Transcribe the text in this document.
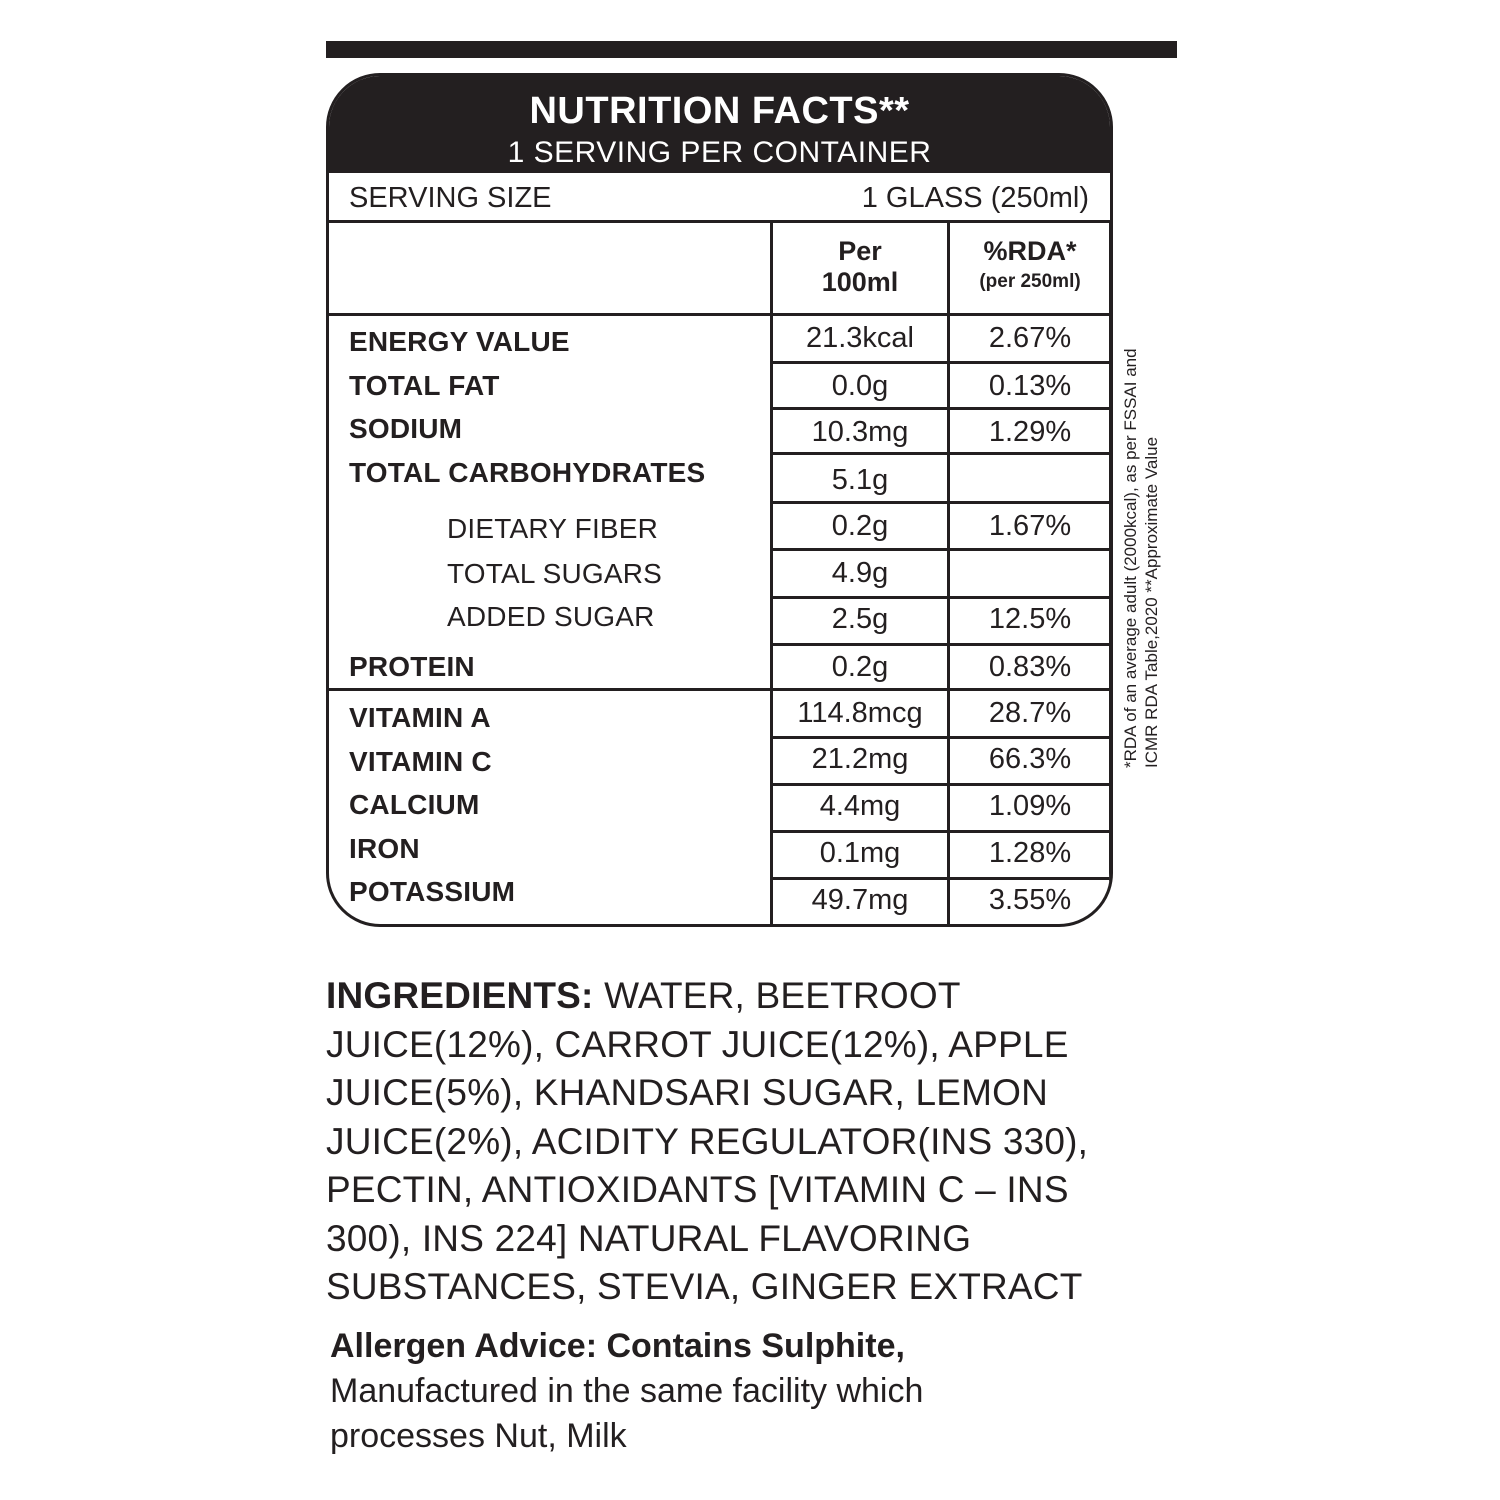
NUTRITION FACTS**
1 SERVING PER CONTAINER
SERVING SIZE	1 GLASS (250ml)
Per
100ml
%RDA*
(per 250ml)
ENERGY VALUE
TOTAL FAT
SODIUM
TOTAL CARBOHYDRATES
DIETARY FIBER
TOTAL SUGARS
ADDED SUGAR
PROTEIN
VITAMIN A
VITAMIN C
CALCIUM
IRON
POTASSIUM
21.3kcal
0.0g
10.3mg
5.1g
0.2g
4.9g
2.5g
0.2g
114.8mcg
21.2mg
4.4mg
0.1mg
49.7mg
2.67%
0.13%
1.29%
1.67%
12.5%
0.83%
28.7%
66.3%
1.09%
1.28%
3.55%
*RDA of an average adult (2000kcal), as per FSSAI and ICMR RDA Table,2020 **Approximate Value
INGREDIENTS: WATER, BEETROOT
JUICE(12%), CARROT JUICE(12%), APPLE
JUICE(5%), KHANDSARI SUGAR, LEMON
JUICE(2%), ACIDITY REGULATOR(INS 330),
PECTIN, ANTIOXIDANTS [VITAMIN C – INS
300), INS 224] NATURAL FLAVORING
SUBSTANCES, STEVIA, GINGER EXTRACT
Allergen Advice: Contains Sulphite,
Manufactured in the same facility which
processes Nut, Milk
